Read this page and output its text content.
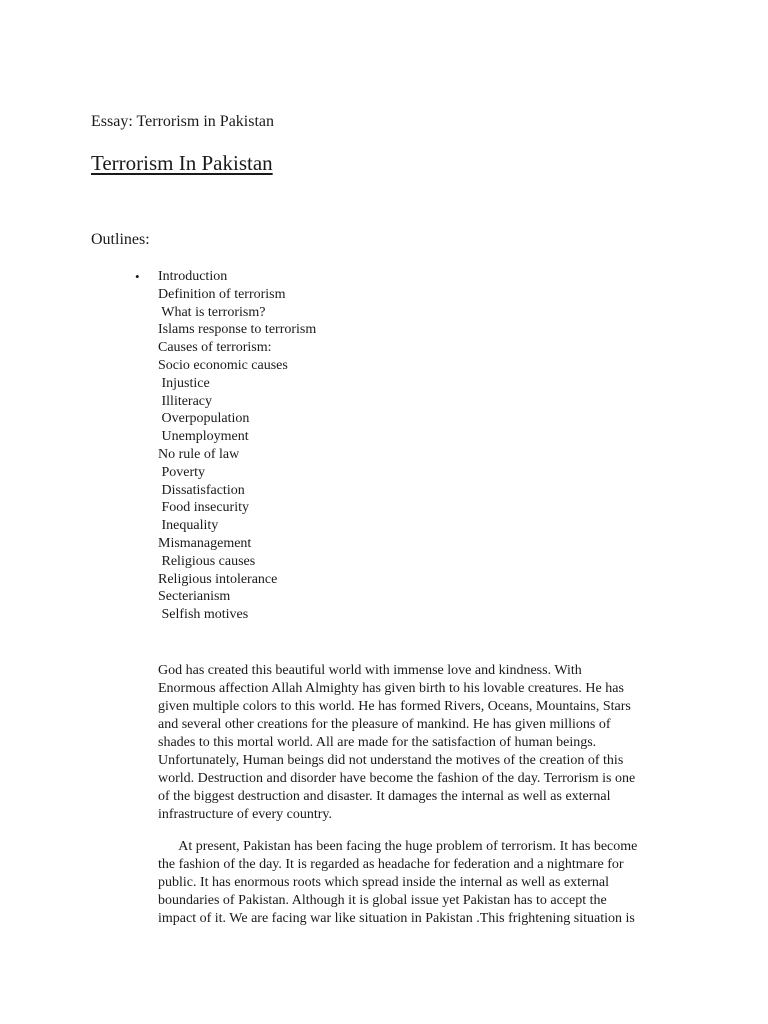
Essay: Terrorism in Pakistan
Terrorism In Pakistan
Outlines:
• Introduction
Definition of terrorism
What is terrorism?
Islams response to terrorism
Causes of terrorism:
Socio economic causes
Injustice
Illiteracy
Overpopulation
Unemployment
No rule of law
Poverty
Dissatisfaction
Food insecurity
Inequality
Mismanagement
Religious causes
Religious intolerance
Secterianism
Selfish motives

God has created this beautiful world with immense love and kindness. With
Enormous affection Allah Almighty has given birth to his lovable creatures. He has
given multiple colors to this world. He has formed Rivers, Oceans, Mountains, Stars
and several other creations for the pleasure of mankind. He has given millions of
shades to this mortal world. All are made for the satisfaction of human beings.
Unfortunately, Human beings did not understand the motives of the creation of this
world. Destruction and disorder have become the fashion of the day. Terrorism is one
of the biggest destruction and disaster. It damages the internal as well as external
infrastructure of every country.

At present, Pakistan has been facing the huge problem of terrorism. It has become
the fashion of the day. It is regarded as headache for federation and a nightmare for
public. It has enormous roots which spread inside the internal as well as external
boundaries of Pakistan. Although it is global issue yet Pakistan has to accept the
impact of it. We are facing war like situation in Pakistan .This frightening situation is
